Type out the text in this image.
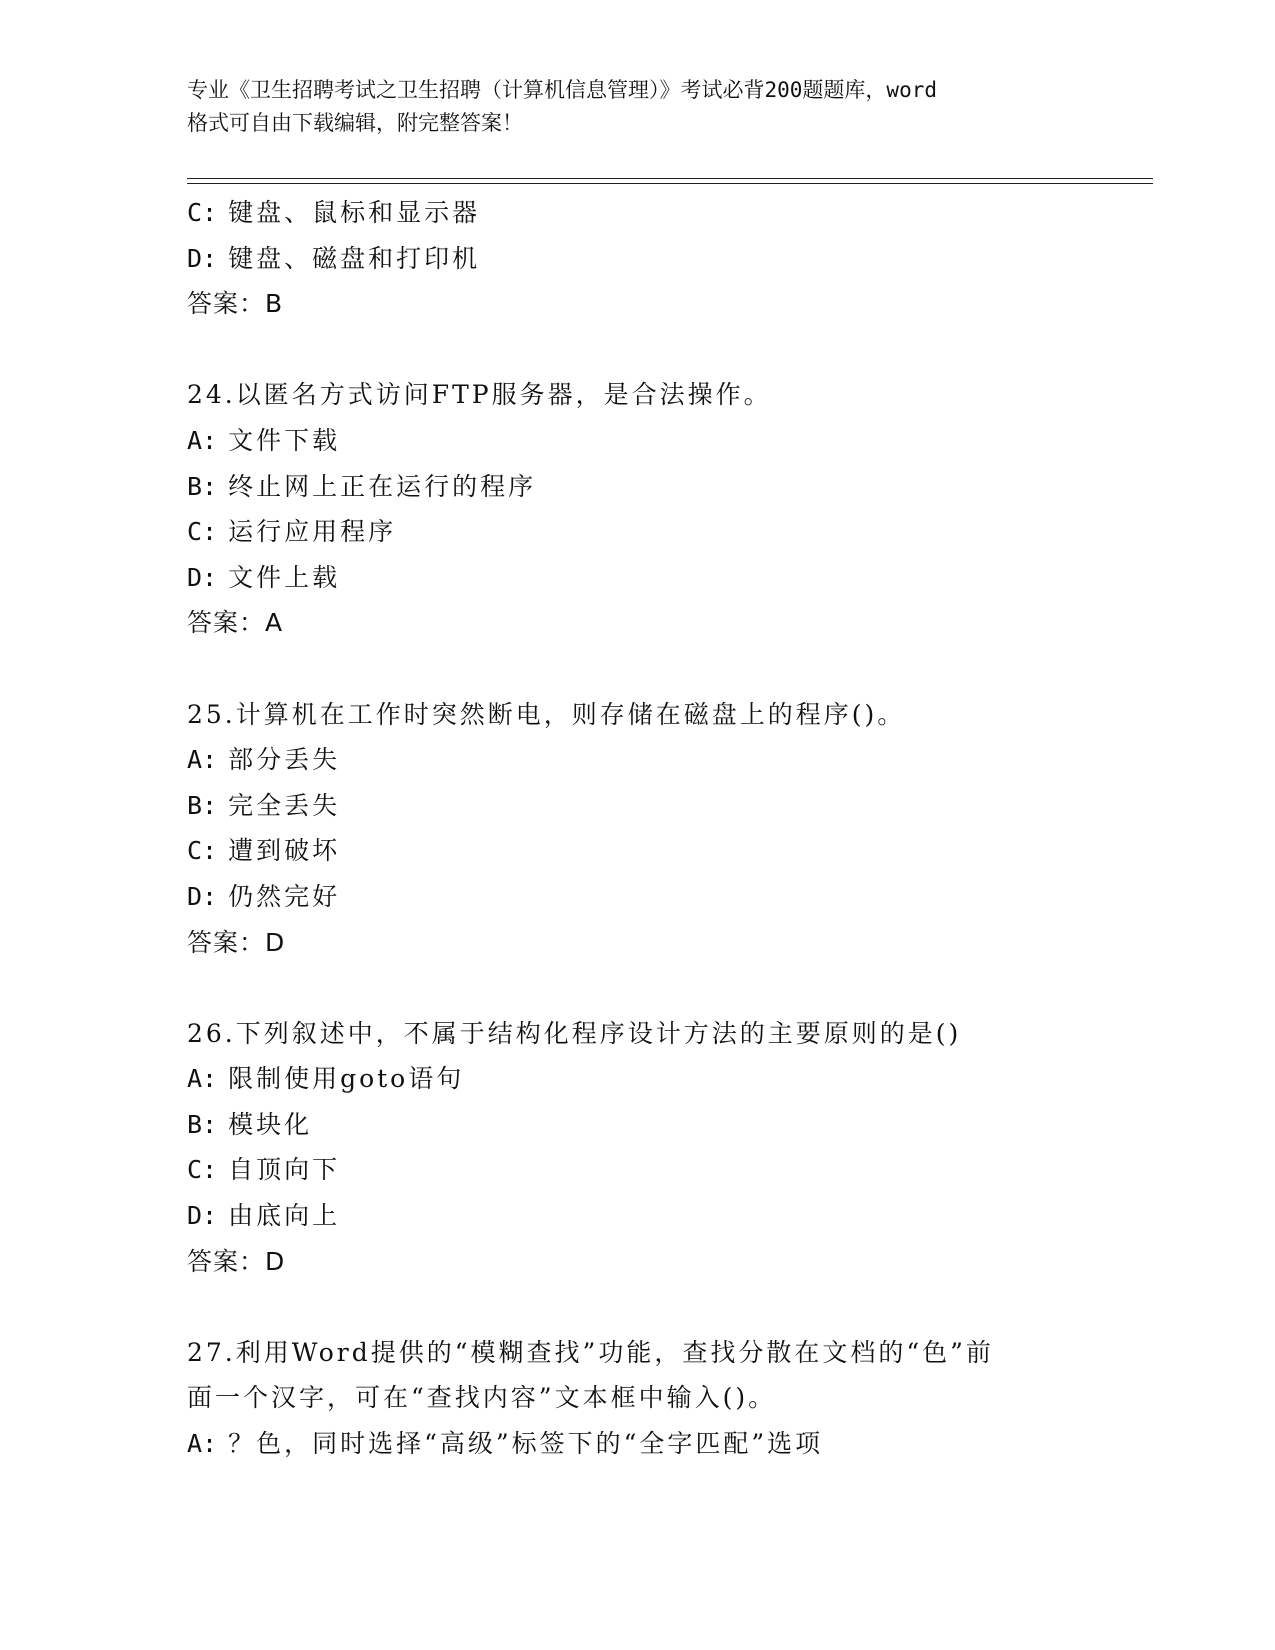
专业《卫生招聘考试之卫生招聘（计算机信息管理）》考试必背200题题库，word
格式可自由下载编辑，附完整答案！
C: 键盘、鼠标和显示器
D: 键盘、磁盘和打印机
答案：B
24.以匿名方式访问FTP服务器，是合法操作。
A: 文件下载
B: 终止网上正在运行的程序
C: 运行应用程序
D: 文件上载
答案：A
25.计算机在工作时突然断电，则存储在磁盘上的程序()。
A: 部分丢失
B: 完全丢失
C: 遭到破坏
D: 仍然完好
答案：D
26.下列叙述中，不属于结构化程序设计方法的主要原则的是()
A: 限制使用goto语句
B: 模块化
C: 自顶向下
D: 由底向上
答案：D
27.利用Word提供的“模糊查找”功能，查找分散在文档的“色”前
面一个汉字，可在“查找内容”文本框中输入()。
A: ？色，同时选择“高级”标签下的“全字匹配”选项
